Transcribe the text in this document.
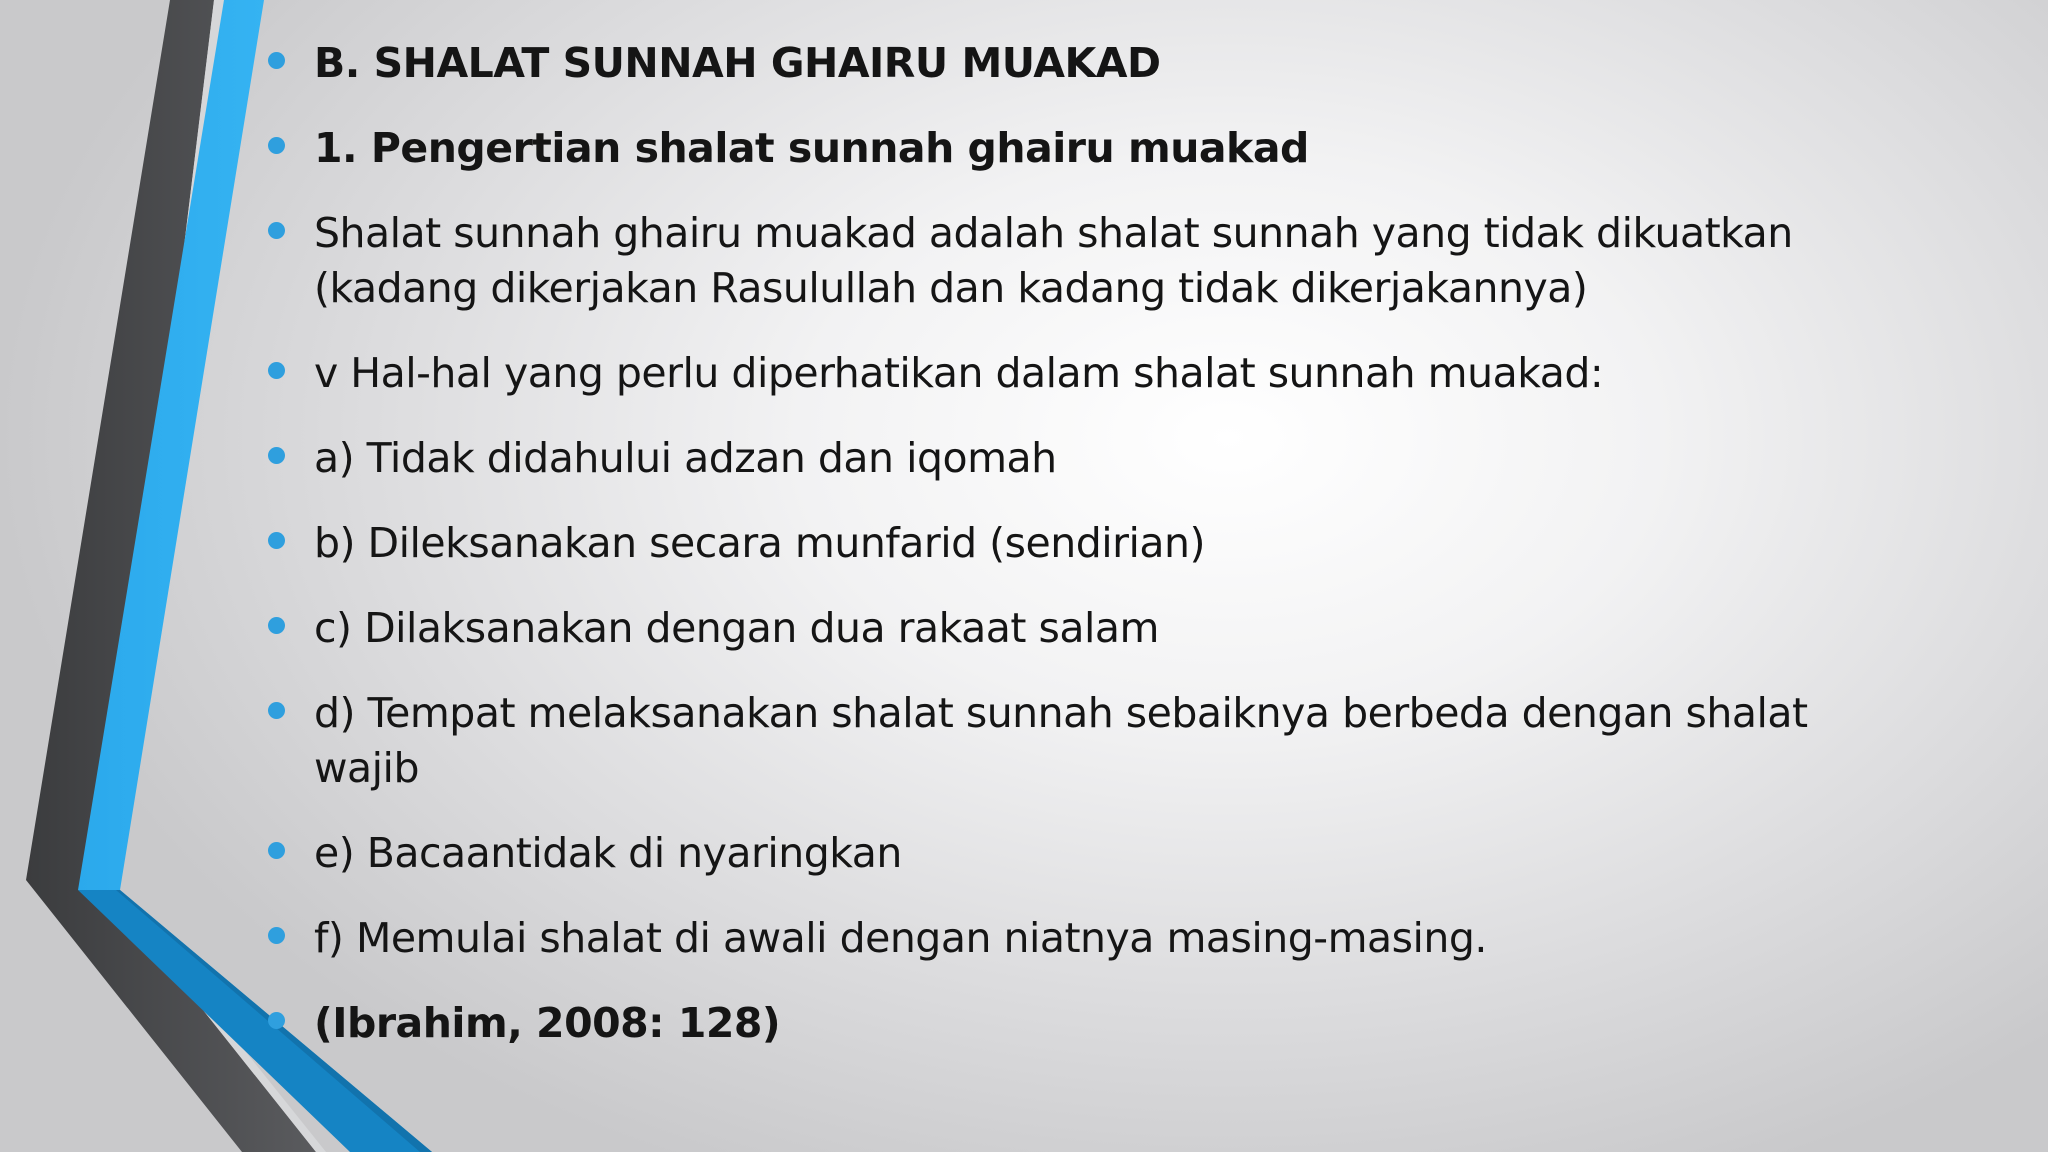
B. SHALAT SUNNAH GHAIRU MUAKAD
1. Pengertian shalat sunnah ghairu muakad
Shalat sunnah ghairu muakad adalah shalat sunnah yang tidak dikuatkan (kadang dikerjakan Rasulullah dan kadang tidak dikerjakannya)
v Hal-hal yang perlu diperhatikan dalam shalat sunnah muakad:
a) Tidak didahului adzan dan iqomah
b) Dileksanakan secara munfarid (sendirian)
c) Dilaksanakan dengan dua rakaat salam
d) Tempat melaksanakan shalat sunnah sebaiknya berbeda dengan shalat wajib
e) Bacaantidak di nyaringkan
f) Memulai shalat di awali dengan niatnya masing-masing.
(Ibrahim, 2008: 128)
